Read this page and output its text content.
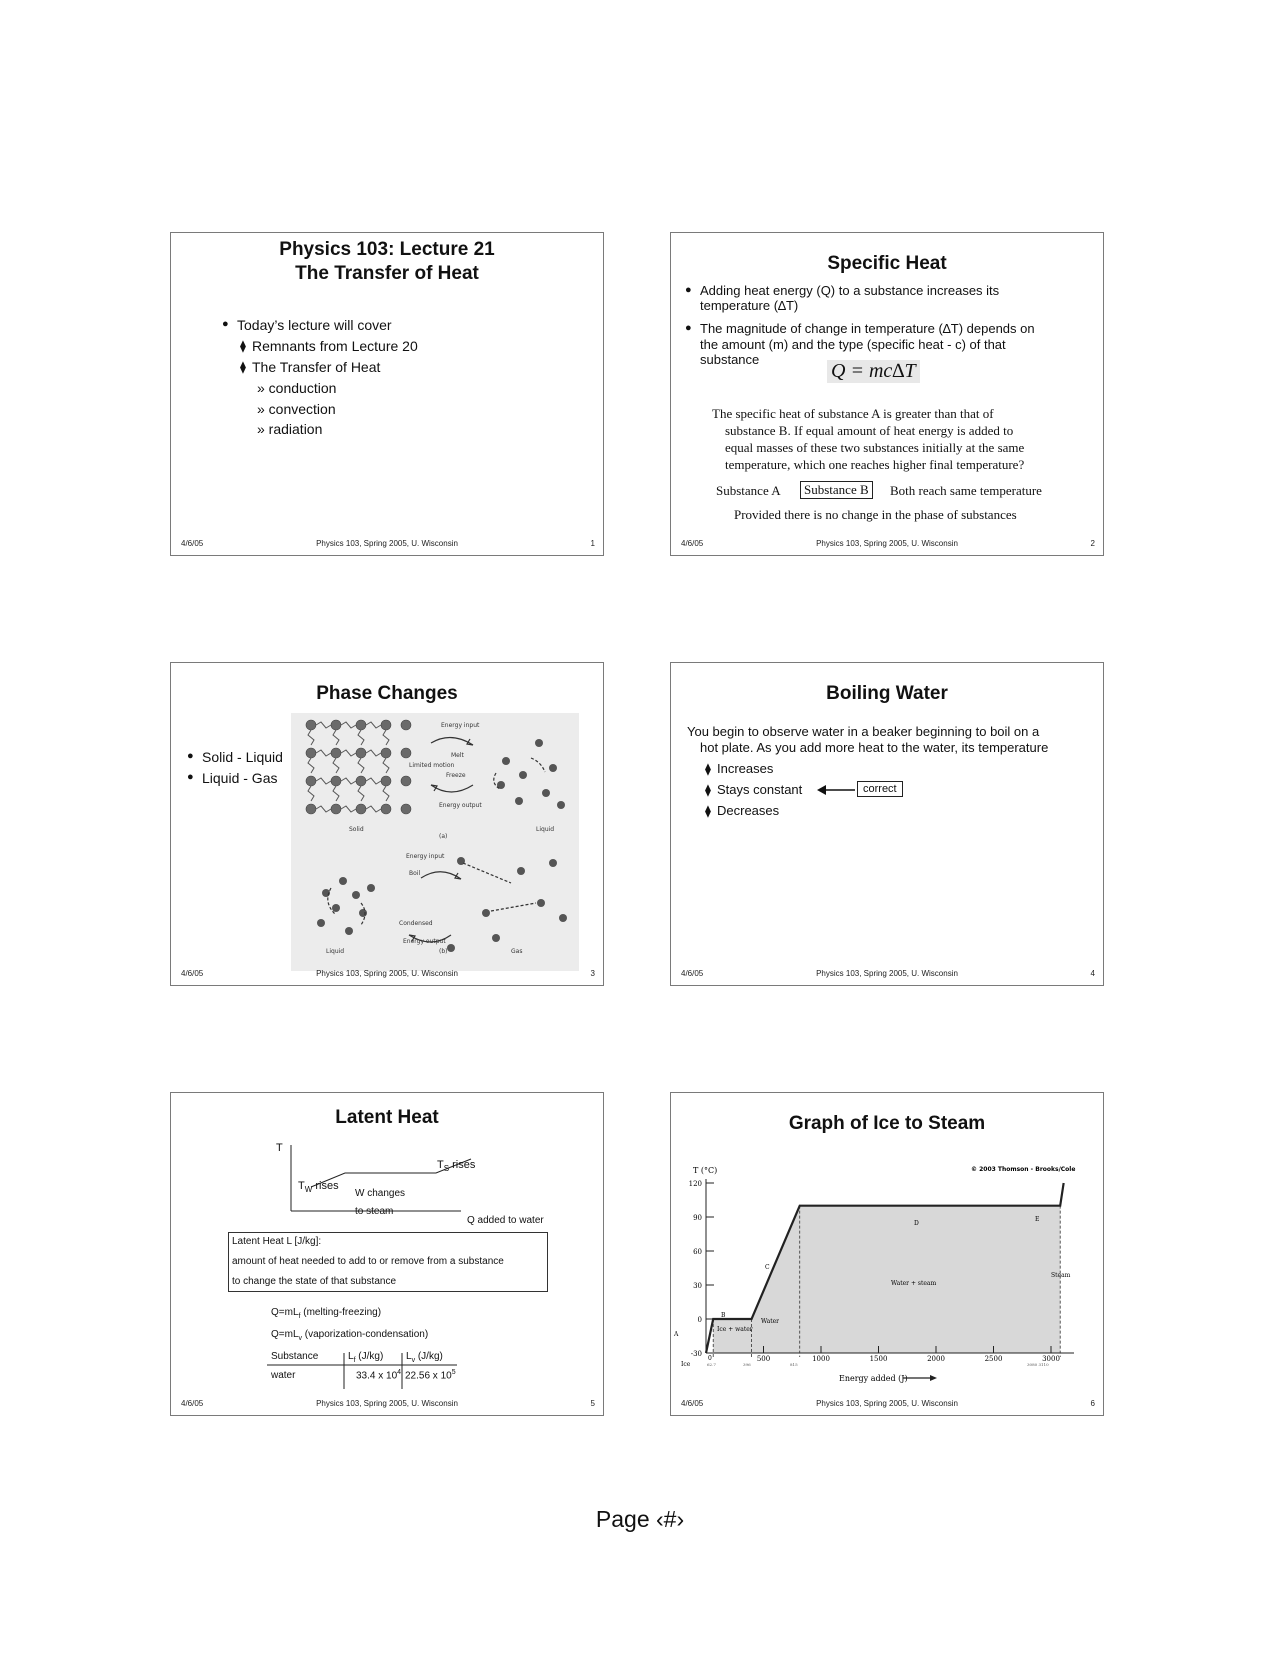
Physics 103: Lecture 21
The Transfer of Heat
● Today’s lecture will cover
⧫ Remnants from Lecture 20
⧫ The Transfer of Heat
» conduction
» convection
» radiation
4/6/05	Physics 103, Spring 2005, U. Wisconsin	1
Specific Heat
● Adding heat energy (Q) to a substance increases its
temperature (∆T)
● The magnitude of change in temperature (∆T) depends on
the amount (m) and the type (specific heat - c) of that
substance
Q = mc∆T
The specific heat of substance A is greater than that of
substance B. If equal amount of heat energy is added to
equal masses of these two substances initially at the same
temperature, which one reaches higher final temperature?
Substance A	Substance B	Both reach same temperature
Provided there is no change in the phase of substances
4/6/05	Physics 103, Spring 2005, U. Wisconsin	2
Phase Changes
● Solid - Liquid
● Liquid - Gas
Energy input
Melt
Limited motion
Freeze
Energy output
Solid
(a)
Liquid
Energy input
Boil
Condensed
Energy output
(b)
Liquid	Gas
4/6/05	Physics 103, Spring 2005, U. Wisconsin	3
Boiling Water
You begin to observe water in a beaker beginning to boil on a
hot plate. As you add more heat to the water, its temperature
⧫ Increases
⧫ Stays constant
⧫ Decreases
correct
4/6/05	Physics 103, Spring 2005, U. Wisconsin	4
Latent Heat
T
$T_S$ rises
$T_W$ rises
W changes
to steam
Q added to water
Latent Heat L [J/kg]:
amount of heat needed to add to or remove from a substance
to change the state of that substance
$Q=mL_f$ (melting-freezing)
$Q=mL_v$ (vaporization-condensation)
Substance	$L_f$ (J/kg) $L_v$ (J/kg)
water	33.4 x $10^4$ 22.56 x $10^5$
4/6/05	Physics 103, Spring 2005, U. Wisconsin	5
Graph of Ice to Steam
-30
0
30
60
90
120
500	1000	1500	2000	2500	3000
0
T (°C)	© 2003 Thomson - Brooks/Cole
Energy added (J)
B
C
D
E
A
Ice + water
Water
Water + steam
Steam
Ice	62.7	396	815	3080 3110
4/6/05	Physics 103, Spring 2005, U. Wisconsin	6
Page ‹#›
